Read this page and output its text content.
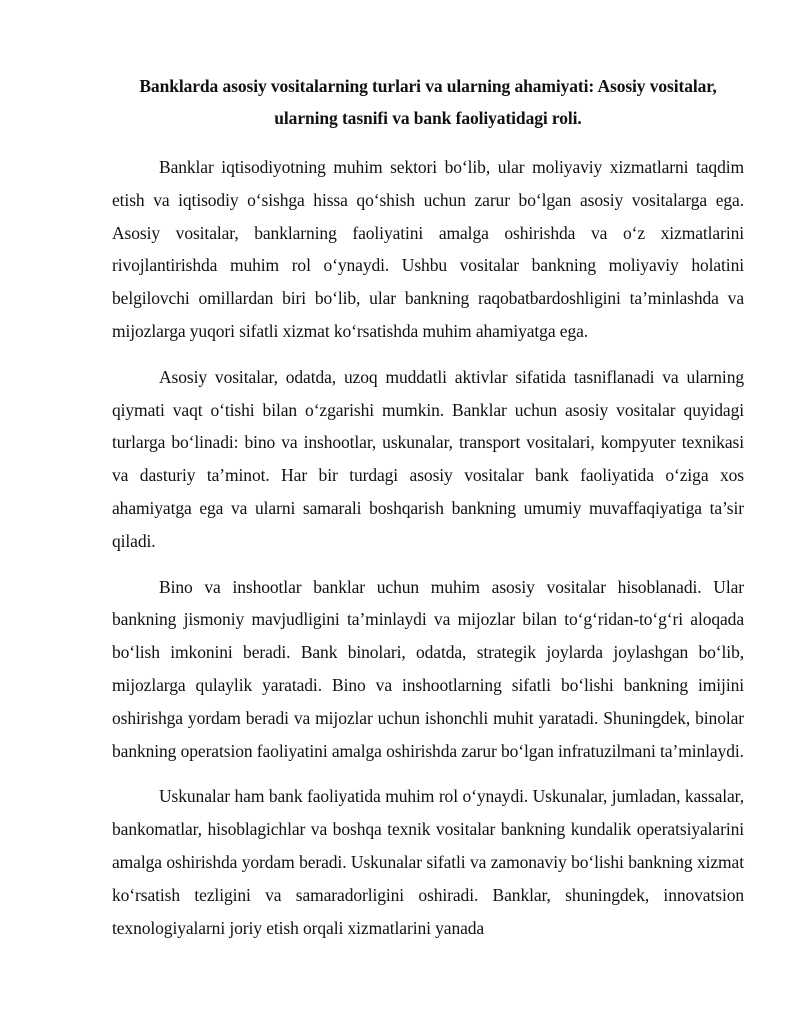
Banklarda asosiy vositalarning turlari va ularning ahamiyati: Asosiy vositalar, ularning tasnifi va bank faoliyatidagi roli.

Banklar iqtisodiyotning muhim sektori bo‘lib, ular moliyaviy xizmatlarni taqdim etish va iqtisodiy o‘sishga hissa qo‘shish uchun zarur bo‘lgan asosiy vositalarga ega. Asosiy vositalar, banklarning faoliyatini amalga oshirishda va o‘z xizmatlarini rivojlantirishda muhim rol o‘ynaydi. Ushbu vositalar bankning moliyaviy holatini belgilovchi omillardan biri bo‘lib, ular bankning raqobatbardoshligini ta’minlashda va mijozlarga yuqori sifatli xizmat ko‘rsatishda muhim ahamiyatga ega.

Asosiy vositalar, odatda, uzoq muddatli aktivlar sifatida tasniflanadi va ularning qiymati vaqt o‘tishi bilan o‘zgarishi mumkin. Banklar uchun asosiy vositalar quyidagi turlarga bo‘linadi: bino va inshootlar, uskunalar, transport vositalari, kompyuter texnikasi va dasturiy ta’minot. Har bir turdagi asosiy vositalar bank faoliyatida o‘ziga xos ahamiyatga ega va ularni samarali boshqarish bankning umumiy muvaffaqiyatiga ta’sir qiladi.

Bino va inshootlar banklar uchun muhim asosiy vositalar hisoblanadi. Ular bankning jismoniy mavjudligini ta’minlaydi va mijozlar bilan to‘g‘ridan-to‘g‘ri aloqada bo‘lish imkonini beradi. Bank binolari, odatda, strategik joylarda joylashgan bo‘lib, mijozlarga qulaylik yaratadi. Bino va inshootlarning sifatli bo‘lishi bankning imijini oshirishga yordam beradi va mijozlar uchun ishonchli muhit yaratadi. Shuningdek, binolar bankning operatsion faoliyatini amalga oshirishda zarur bo‘lgan infratuzilmani ta’minlaydi.

Uskunalar ham bank faoliyatida muhim rol o‘ynaydi. Uskunalar, jumladan, kassalar, bankomatlar, hisoblagichlar va boshqa texnik vositalar bankning kundalik operatsiyalarini amalga oshirishda yordam beradi. Uskunalar sifatli va zamonaviy bo‘lishi bankning xizmat ko‘rsatish tezligini va samaradorligini oshiradi. Banklar, shuningdek, innovatsion texnologiyalarni joriy etish orqali xizmatlarini yanada
